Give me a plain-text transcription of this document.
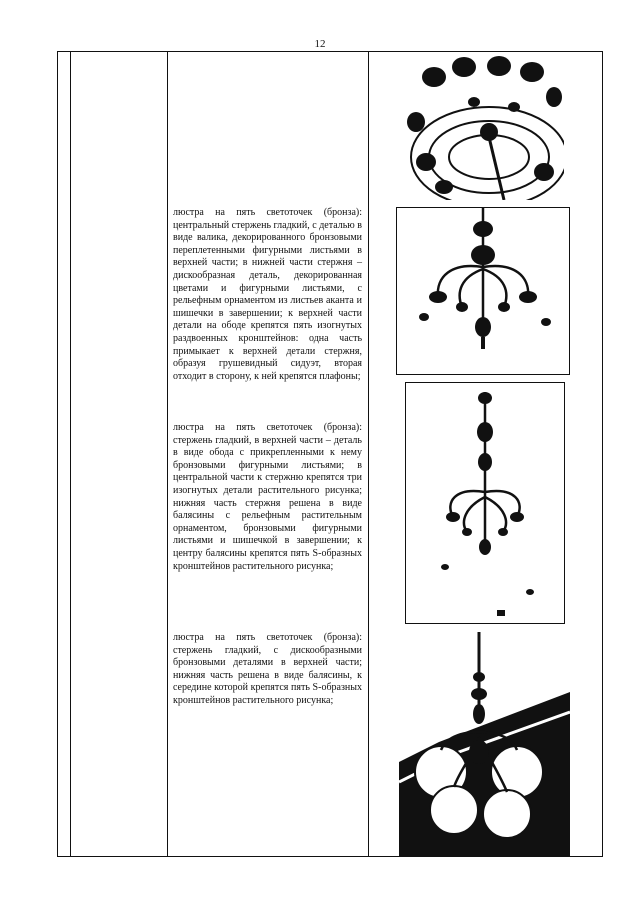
12

люстра на пять светоточек (бронза): центральный стержень гладкий, с деталью в виде валика, декорированного бронзовыми переплетенными фигурными листьями в верхней части; в нижней части стержня – дискообразная деталь, декорированная цветами и фигурными листьями, с рельефным орнаментом из листьев аканта и шишечки в завершении; к верхней части детали на ободе крепятся пять изогнутых раздвоенных кронштейнов: одна часть примыкает к верхней детали стержня, образуя грушевидный сидуэт, вторая отходит в сторону, к ней крепятся плафоны;

люстра на пять светоточек (бронза): стержень гладкий, в верхней части – деталь в виде обода с прикрепленными к нему бронзовыми фигурными листьями; в центральной части к стержню крепятся три изогнутых детали растительного рисунка; нижняя часть стержня решена в виде балясины с рельефным растительным орнаментом, бронзовыми фигурными листьями и шишечкой в завершении; к центру балясины крепятся пять S-образных кронштейнов растительного рисунка;

люстра на пять светоточек (бронза): стержень гладкий, с дискообразными бронзовыми деталями в верхней части; нижняя часть решена в виде балясины, к середине которой крепятся пять S-образных кронштейнов растительного рисунка;
